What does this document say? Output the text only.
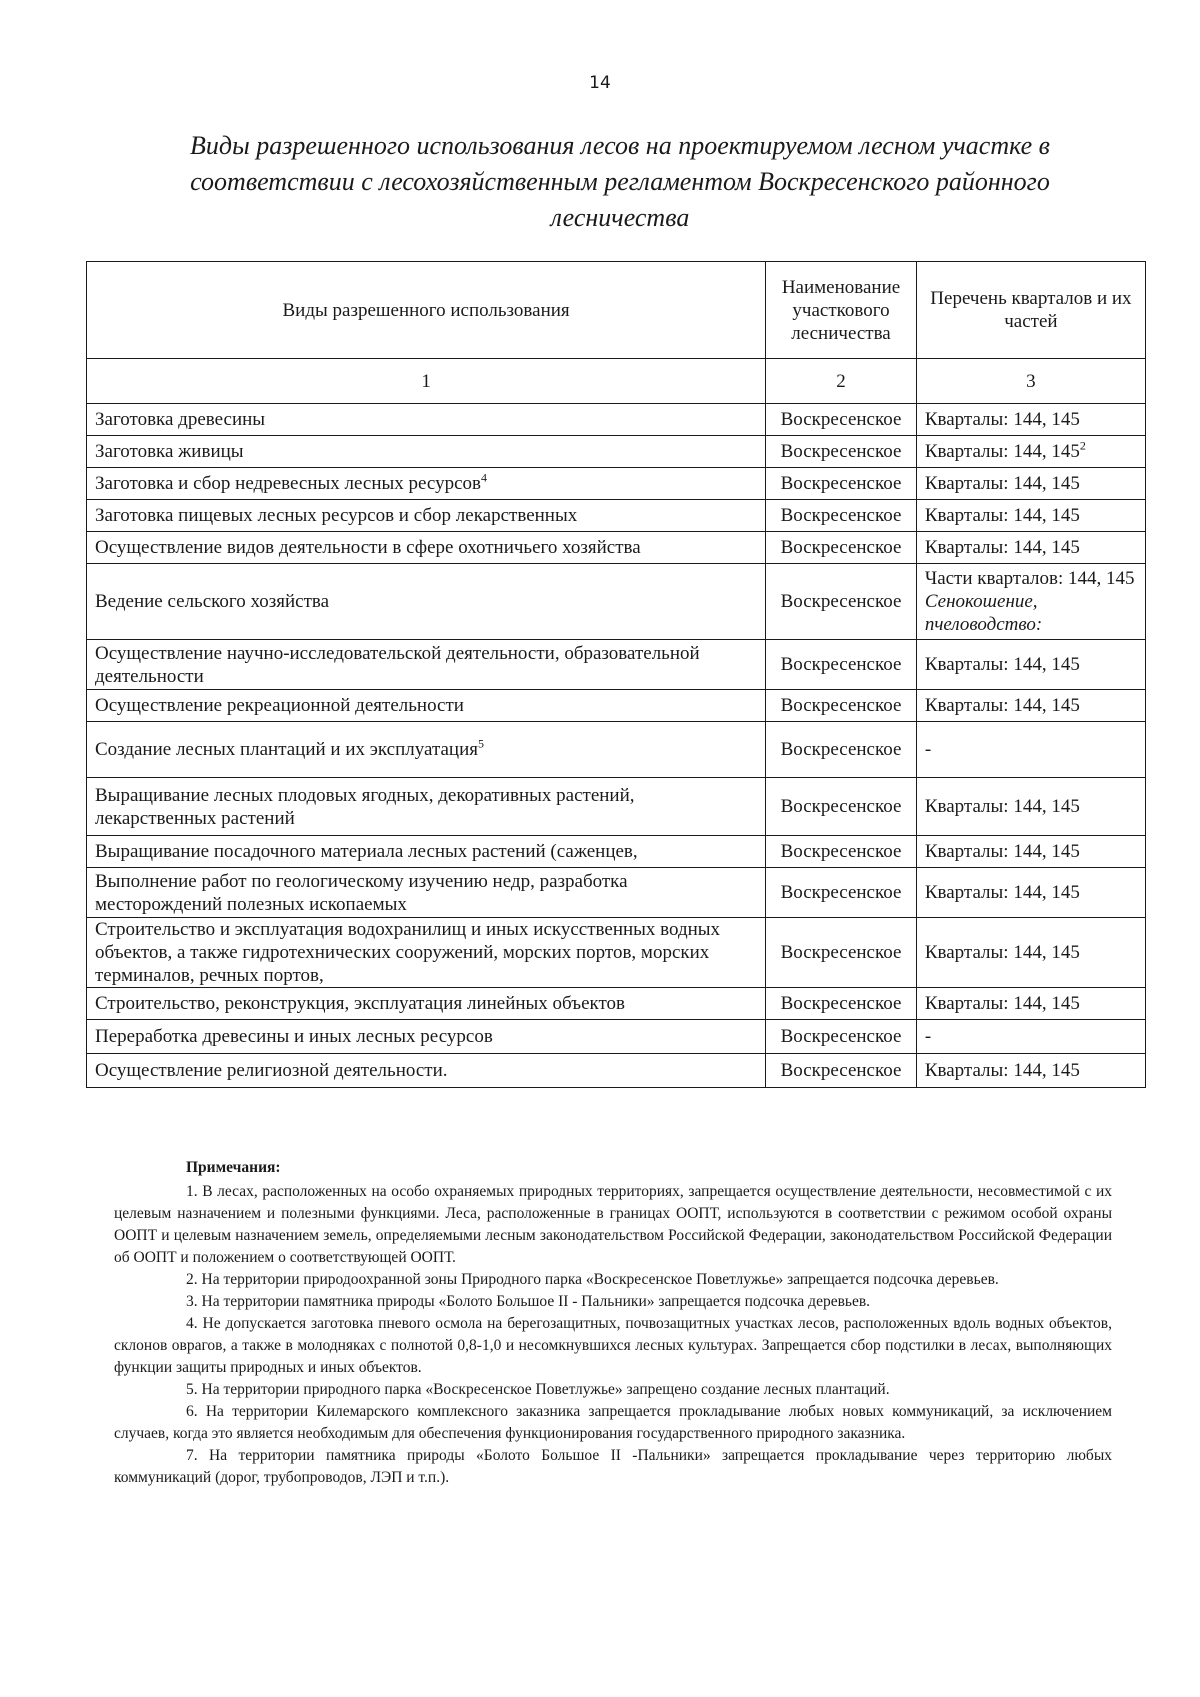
14
Виды разрешенного использования лесов на проектируемом лесном участке в
соответствии с лесохозяйственным регламентом Воскресенского районного
лесничества
Виды разрешенного использования	Наименование участкового лесничества	Перечень кварталов и их частей
1	2	3
Заготовка древесины	Воскресенское	Кварталы: 144, 145
Заготовка живицы	Воскресенское	Кварталы: 144, $145^2$
Заготовка и сбор недревесных лесных ресурсов$^4$	Воскресенское	Кварталы: 144, 145
Заготовка пищевых лесных ресурсов и сбор лекарственных	Воскресенское	Кварталы: 144, 145
Осуществление видов деятельности в сфере охотничьего хозяйства	Воскресенское	Кварталы: 144, 145
Ведение сельского хозяйства	Воскресенское	Части кварталов: 144, 145 Сенокошение, пчеловодство:
Осуществление научно-исследовательской деятельности, образовательной деятельности	Воскресенское	Кварталы: 144, 145
Осуществление рекреационной деятельности	Воскресенское	Кварталы: 144, 145
Создание лесных плантаций и их эксплуатация$^5$	Воскресенское	-
Выращивание лесных плодовых ягодных, декоративных растений, лекарственных растений	Воскресенское	Кварталы: 144, 145
Выращивание посадочного материала лесных растений (саженцев,	Воскресенское	Кварталы: 144, 145
Выполнение работ по геологическому изучению недр, разработка месторождений полезных ископаемых	Воскресенское	Кварталы: 144, 145
Строительство и эксплуатация водохранилищ и иных искусственных водных объектов, а также гидротехнических сооружений, морских портов, морских терминалов, речных портов,	Воскресенское	Кварталы: 144, 145
Строительство, реконструкция, эксплуатация линейных объектов	Воскресенское	Кварталы: 144, 145
Переработка древесины и иных лесных ресурсов	Воскресенское	-
Осуществление религиозной деятельности.	Воскресенское	Кварталы: 144, 145
Примечания:

1. В лесах, расположенных на особо охраняемых природных территориях, запрещается осуществление деятельности, несовместимой с их целевым назначением и полезными функциями. Леса, расположенные в границах ООПТ, используются в соответствии с режимом особой охраны ООПТ и целевым назначением земель, определяемыми лесным законодательством Российской Федерации, законодательством Российской Федерации об ООПТ и положением о соответствующей ООПТ.

2. На территории природоохранной зоны Природного парка «Воскресенское Поветлужье» запрещается подсочка деревьев.

3. На территории памятника природы «Болото Большое II - Пальники» запрещается подсочка деревьев.

4. Не допускается заготовка пневого осмола на берегозащитных, почвозащитных участках лесов, расположенных вдоль водных объектов, склонов оврагов, а также в молодняках с полнотой 0,8-1,0 и несомкнувшихся лесных культурах. Запрещается сбор подстилки в лесах, выполняющих функции защиты природных и иных объектов.

5. На территории природного парка «Воскресенское Поветлужье» запрещено создание лесных плантаций.

6. На территории Килемарского комплексного заказника запрещается прокладывание любых новых коммуникаций, за исключением случаев, когда это является необходимым для обеспечения функционирования государственного природного заказника.

7. На территории памятника природы «Болото Большое II -Пальники» запрещается прокладывание через территорию любых коммуникаций (дорог, трубопроводов, ЛЭП и т.п.).
